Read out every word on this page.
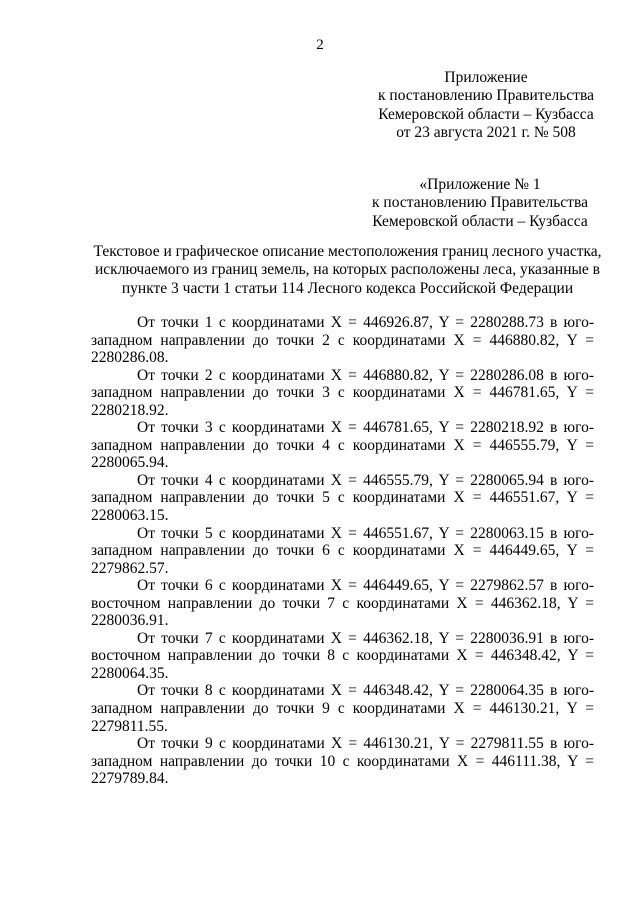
2
Приложение
к постановлению Правительства
Кемеровской области – Кузбасса
от 23 августа 2021 г. № 508
«Приложение № 1
к постановлению Правительства
Кемеровской области – Кузбасса
Текстовое и графическое описание местоположения границ лесного участка,
исключаемого из границ земель, на которых расположены леса, указанные в
пункте 3 части 1 статьи 114 Лесного кодекса Российской Федерации

От точки 1 с координатами X = 446926.87, Y = 2280288.73 в юго-западном направлении до точки 2 с координатами X = 446880.82, Y = 2280286.08.

От точки 2 с координатами X = 446880.82, Y = 2280286.08 в юго-западном направлении до точки 3 с координатами X = 446781.65, Y = 2280218.92.

От точки 3 с координатами X = 446781.65, Y = 2280218.92 в юго-западном направлении до точки 4 с координатами X = 446555.79, Y = 2280065.94.

От точки 4 с координатами X = 446555.79, Y = 2280065.94 в юго-западном направлении до точки 5 с координатами X = 446551.67, Y = 2280063.15.

От точки 5 с координатами X = 446551.67, Y = 2280063.15 в юго-западном направлении до точки 6 с координатами X = 446449.65, Y = 2279862.57.

От точки 6 с координатами X = 446449.65, Y = 2279862.57 в юго-восточном направлении до точки 7 с координатами X = 446362.18, Y = 2280036.91.

От точки 7 с координатами X = 446362.18, Y = 2280036.91 в юго-восточном направлении до точки 8 с координатами X = 446348.42, Y = 2280064.35.

От точки 8 с координатами X = 446348.42, Y = 2280064.35 в юго-западном направлении до точки 9 с координатами X = 446130.21, Y = 2279811.55.

От точки 9 с координатами X = 446130.21, Y = 2279811.55 в юго-западном направлении до точки 10 с координатами X = 446111.38, Y = 2279789.84.
